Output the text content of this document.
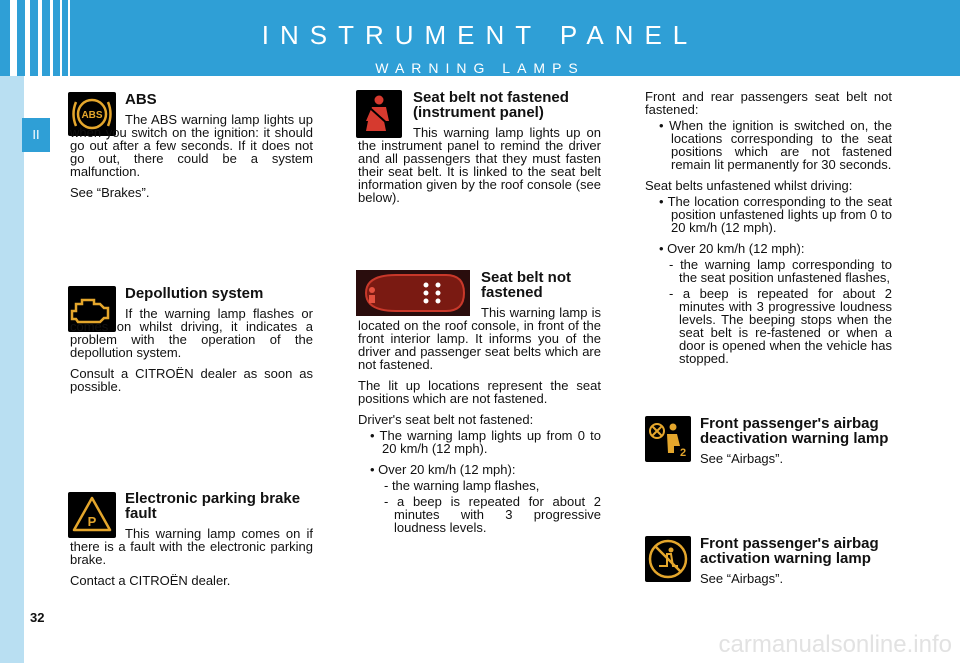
INSTRUMENT PANEL
WARNING LAMPS
II
ABS
ABS

The ABS warning lamp lights up when you switch on the ignition: it should go out after a few seconds. If it does not go out, there could be a system malfunction.

See “Brakes”.

Depollution system

If the warning lamp flashes or comes on whilst driving, it indicates a problem with the operation of the depollution system.

Consult a CITROËN dealer as soon as possible.

P
Electronic parking brake fault

This warning lamp comes on if there is a fault with the electronic parking brake.

Contact a CITROËN dealer.

Seat belt not fastened (instrument panel)

This warning lamp lights up on the instrument panel to remind the driver and all passengers that they must fasten their seat belt. It is linked to the seat belt information given by the roof console (see below).

Seat belt not fastened

This warning lamp is located on the roof console, in front of the front interior lamp. It informs you of the driver and passenger seat belts which are not fastened.

The lit up locations represent the seat positions which are not fastened.

Driver's seat belt not fastened:

• The warning lamp lights up from 0 to 20 km/h (12 mph).

• Over 20 km/h (12 mph):

- the warning lamp flashes,

- a beep is repeated for about 2 minutes with 3 progressive loudness levels.

Front and rear passengers seat belt not fastened:

• When the ignition is switched on, the locations corresponding to the seat positions which are not fastened remain lit permanently for 30 seconds.

Seat belts unfastened whilst driving:

• The location corresponding to the seat position unfastened lights up from 0 to 20 km/h (12 mph).

• Over 20 km/h (12 mph):

- the warning lamp corresponding to the seat position unfastened flashes,

- a beep is repeated for about 2 minutes with 3 progressive loudness levels. The beeping stops when the seat belt is re-fastened or when a door is opened when the vehicle has stopped.

2
Front passenger's airbag deactivation warning lamp

See “Airbags”.

Front passenger's airbag activation warning lamp

See “Airbags”.

32
carmanualsonline.info
